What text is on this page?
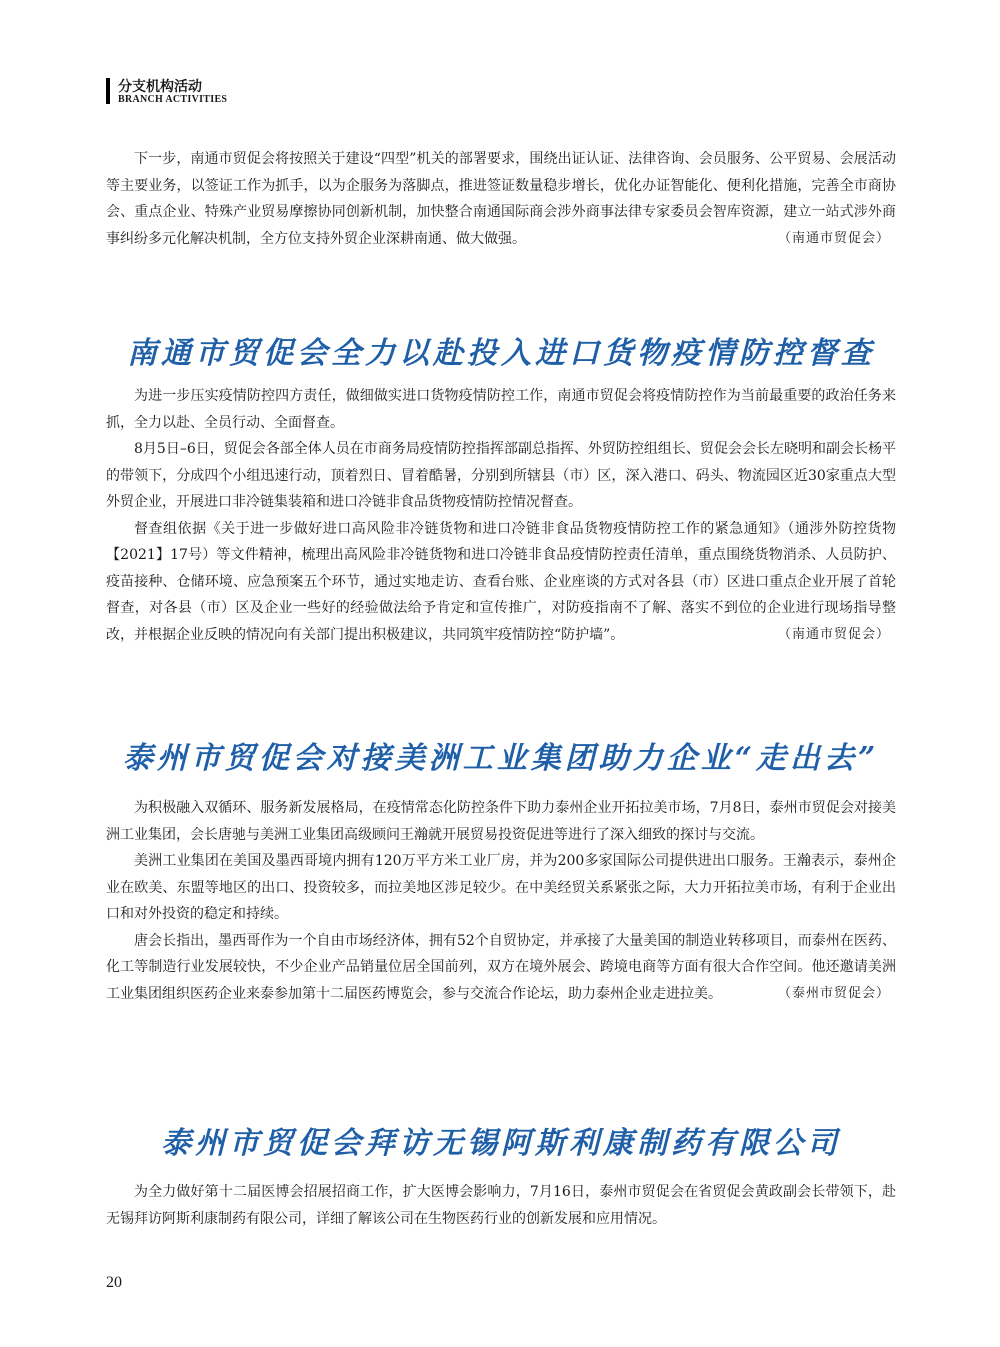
分支机构活动
BRANCH ACTIVITIES

下一步，南通市贸促会将按照关于建设“四型”机关的部署要求，围绕出证认证、法律咨询、会员服务、公平贸易、会展活动等主要业务，以签证工作为抓手，以为企服务为落脚点，推进签证数量稳步增长，优化办证智能化、便利化措施，完善全市商协会、重点企业、特殊产业贸易摩擦协同创新机制，加快整合南通国际商会涉外商事法律专家委员会智库资源，建立一站式涉外商事纠纷多元化解决机制，全方位支持外贸企业深耕南通、做大做强。	（南通市贸促会）

南通市贸促会全力以赴投入进口货物疫情防控督查

为进一步压实疫情防控四方责任，做细做实进口货物疫情防控工作，南通市贸促会将疫情防控作为当前最重要的政治任务来抓，全力以赴、全员行动、全面督查。

8月5日–6日，贸促会各部全体人员在市商务局疫情防控指挥部副总指挥、外贸防控组组长、贸促会会长左晓明和副会长杨平的带领下，分成四个小组迅速行动，顶着烈日、冒着酷暑，分别到所辖县（市）区，深入港口、码头、物流园区近30家重点大型外贸企业，开展进口非冷链集装箱和进口冷链非食品货物疫情防控情况督查。

督查组依据《关于进一步做好进口高风险非冷链货物和进口冷链非食品货物疫情防控工作的紧急通知》（通涉外防控货物【2021】17号）等文件精神，梳理出高风险非冷链货物和进口冷链非食品疫情防控责任清单，重点围绕货物消杀、人员防护、疫苗接种、仓储环境、应急预案五个环节，通过实地走访、查看台账、企业座谈的方式对各县（市）区进口重点企业开展了首轮督查，对各县（市）区及企业一些好的经验做法给予肯定和宣传推广，对防疫指南不了解、落实不到位的企业进行现场指导整改，并根据企业反映的情况向有关部门提出积极建议，共同筑牢疫情防控“防护墙”。	（南通市贸促会）

泰州市贸促会对接美洲工业集团助力企业“走出去”

为积极融入双循环、服务新发展格局，在疫情常态化防控条件下助力泰州企业开拓拉美市场，7月8日，泰州市贸促会对接美洲工业集团，会长唐驰与美洲工业集团高级顾问王瀚就开展贸易投资促进等进行了深入细致的探讨与交流。

美洲工业集团在美国及墨西哥境内拥有120万平方米工业厂房，并为200多家国际公司提供进出口服务。王瀚表示，泰州企业在欧美、东盟等地区的出口、投资较多，而拉美地区涉足较少。在中美经贸关系紧张之际，大力开拓拉美市场，有利于企业出口和对外投资的稳定和持续。

唐会长指出，墨西哥作为一个自由市场经济体，拥有52个自贸协定，并承接了大量美国的制造业转移项目，而泰州在医药、化工等制造行业发展较快，不少企业产品销量位居全国前列，双方在境外展会、跨境电商等方面有很大合作空间。他还邀请美洲工业集团组织医药企业来泰参加第十二届医药博览会，参与交流合作论坛，助力泰州企业走进拉美。	（泰州市贸促会）

泰州市贸促会拜访无锡阿斯利康制药有限公司

为全力做好第十二届医博会招展招商工作，扩大医博会影响力，7月16日，泰州市贸促会在省贸促会黄政副会长带领下，赴无锡拜访阿斯利康制药有限公司，详细了解该公司在生物医药行业的创新发展和应用情况。

20
